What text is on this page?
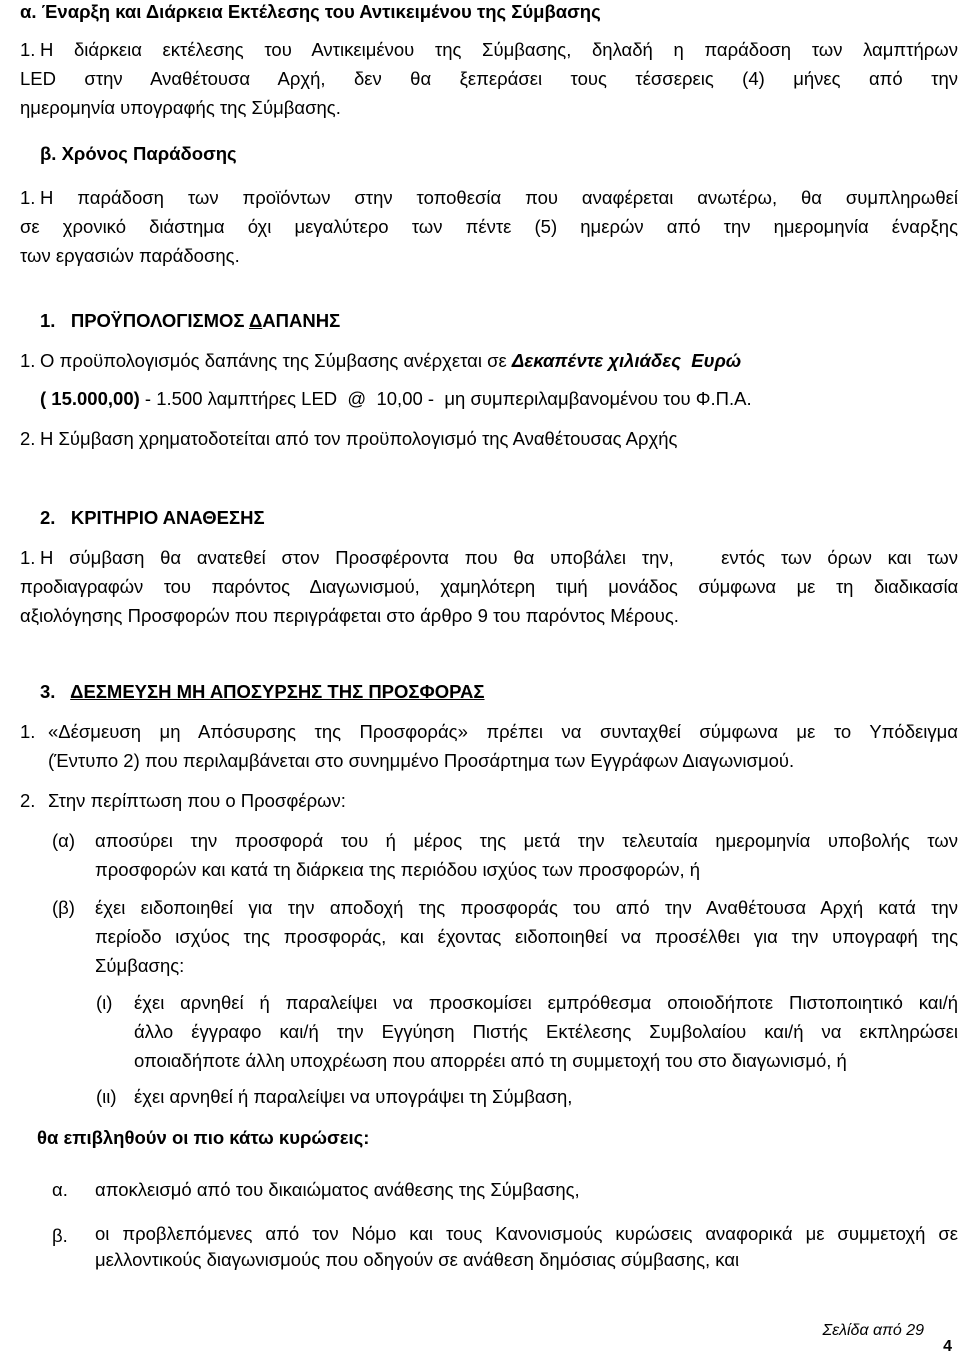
α. Έναρξη και Διάρκεια Εκτέλεσης του Αντικειμένου της Σύμβασης
1. Η διάρκεια εκτέλεσης του Αντικειμένου της Σύμβασης, δηλαδή η παράδοση των λαμπτήρων

LED στην Αναθέτουσα Αρχή, δεν θα ξεπεράσει τους τέσσερεις (4) μήνες από την

ημερομηνία υπογραφής της Σύμβασης.

β. Χρόνος Παράδοσης
1. Η παράδοση των προϊόντων στην τοποθεσία που αναφέρεται ανωτέρω, θα συμπληρωθεί

σε χρονικό διάστημα όχι μεγαλύτερο των πέντε (5) ημερών από την ημερομηνία έναρξης

των εργασιών παράδοσης.

1.   ΠΡΟΫΠΟΛΟΓΙΣΜΟΣ ΔΑΠΑΝΗΣ
1. Ο προϋπολογισμός δαπάνης της Σύμβασης ανέρχεται σε Δεκαπέντε χιλιάδες  Ευρώ
( 15.000,00) - 1.500 λαμπτήρες LED  @  10,00 -  μη συμπεριλαμβανομένου του Φ.Π.Α.
2. Η Σύμβαση χρηματοδοτείται από τον προϋπολογισμό της Αναθέτουσας Αρχής
2.   ΚΡΙΤΗΡΙΟ ΑΝΑΘΕΣΗΣ
1. Η σύμβαση θα ανατεθεί στον Προσφέροντα που θα υποβάλει την,   εντός των όρων και των

προδιαγραφών του παρόντος Διαγωνισμού, χαμηλότερη τιμή μονάδος σύμφωνα με τη διαδικασία

αξιολόγησης Προσφορών που περιγράφεται στο άρθρο 9 του παρόντος Μέρους.

3.   ΔΕΣΜΕΥΣΗ ΜΗ ΑΠΟΣΥΡΣΗΣ ΤΗΣ ΠΡΟΣΦΟΡΑΣ
1. «Δέσμευση μη Απόσυρσης της Προσφοράς» πρέπει να συνταχθεί σύμφωνα με το Υπόδειγμα

(Έντυπο 2) που περιλαμβάνεται στο συνημμένο Προσάρτημα των Εγγράφων Διαγωνισμού.

2. Στην περίπτωση που ο Προσφέρων:
(α) αποσύρει την προσφορά του ή μέρος της μετά την τελευταία ημερομηνία υποβολής των

προσφορών και κατά τη διάρκεια της περιόδου ισχύος των προσφορών, ή

(β) έχει ειδοποιηθεί για την αποδοχή της προσφοράς του από την Αναθέτουσα Αρχή κατά την

περίοδο ισχύος της προσφοράς, και έχοντας ειδοποιηθεί να προσέλθει για την υπογραφή της

Σύμβασης:

(ι) έχει αρνηθεί ή παραλείψει να προσκομίσει εμπρόθεσμα οποιοδήποτε Πιστοποιητικό και/ή

άλλο έγγραφο και/ή την Εγγύηση Πιστής Εκτέλεσης Συμβολαίου και/ή να εκπληρώσει

οποιαδήποτε άλλη υποχρέωση που απορρέει από τη συμμετοχή του στο διαγωνισμό, ή

(ιι) έχει αρνηθεί ή παραλείψει να υπογράψει τη Σύμβαση,
θα επιβληθούν οι πιο κάτω κυρώσεις:
α. αποκλεισμό από του δικαιώματος ανάθεσης της Σύμβασης,
β. οι προβλεπόμενες από τον Νόμο και τους Κανονισμούς κυρώσεις αναφορικά με συμμετοχή σε

μελλοντικούς διαγωνισμούς που οδηγούν σε ανάθεση δημόσιας σύμβασης, και

Σελίδα από 29
4
